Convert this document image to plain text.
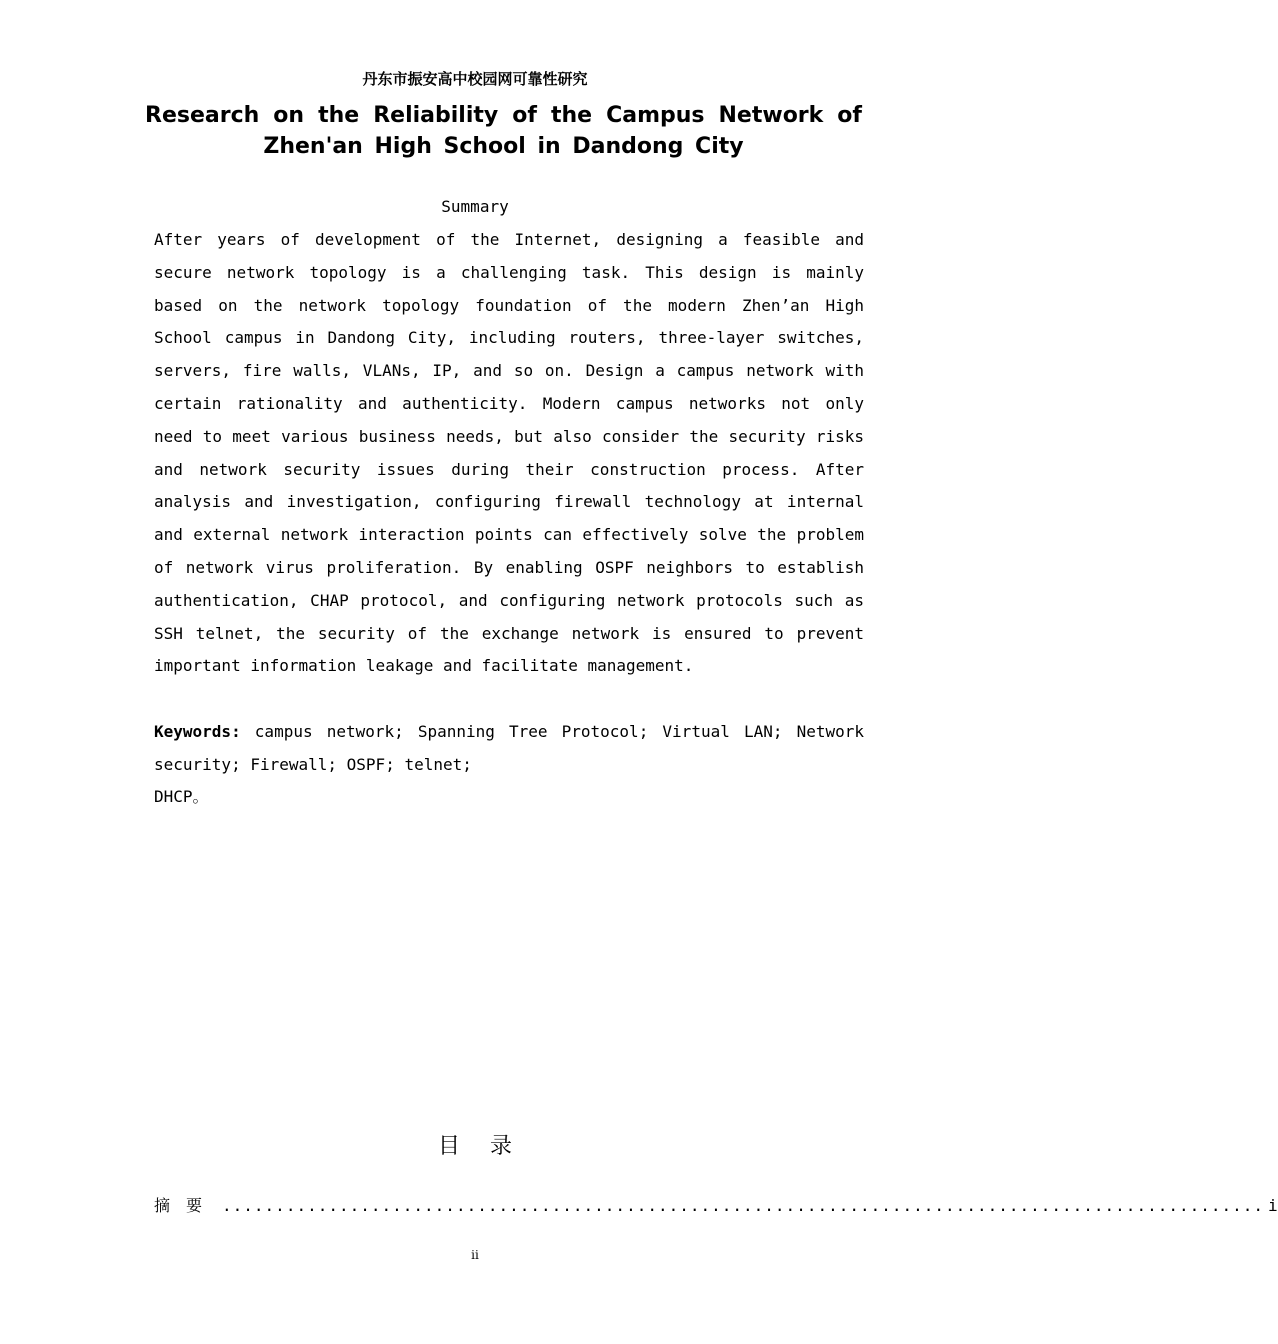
丹东市振安高中校园网可靠性研究
Research on the Reliability of the Campus Network of Zhen'an High School in Dandong City
Summary

After years of development of the Internet, designing a feasible and secure network topology is a challenging task. This design is mainly based on the network topology foundation of the modern Zhen’an High School campus in Dandong City, including routers, three-layer switches, servers, fire walls, VLANs, IP, and so on. Design a campus network with certain rationality and authenticity. Modern campus networks not only need to meet various business needs, but also consider the security risks and network security issues during their construction process. After analysis and investigation, configuring firewall technology at internal and external network interaction points can effectively solve the problem of network virus proliferation. By enabling OSPF neighbors to establish authentication, CHAP protocol, and configuring network protocols such as SSH telnet, the security of the exchange network is ensured to prevent important information leakage and facilitate management.

Keywords: campus network; Spanning Tree Protocol; Virtual LAN; Network security; Firewall; OSPF; telnet;

DHCP。
目录
摘要 .................................................................................................. i
ii
